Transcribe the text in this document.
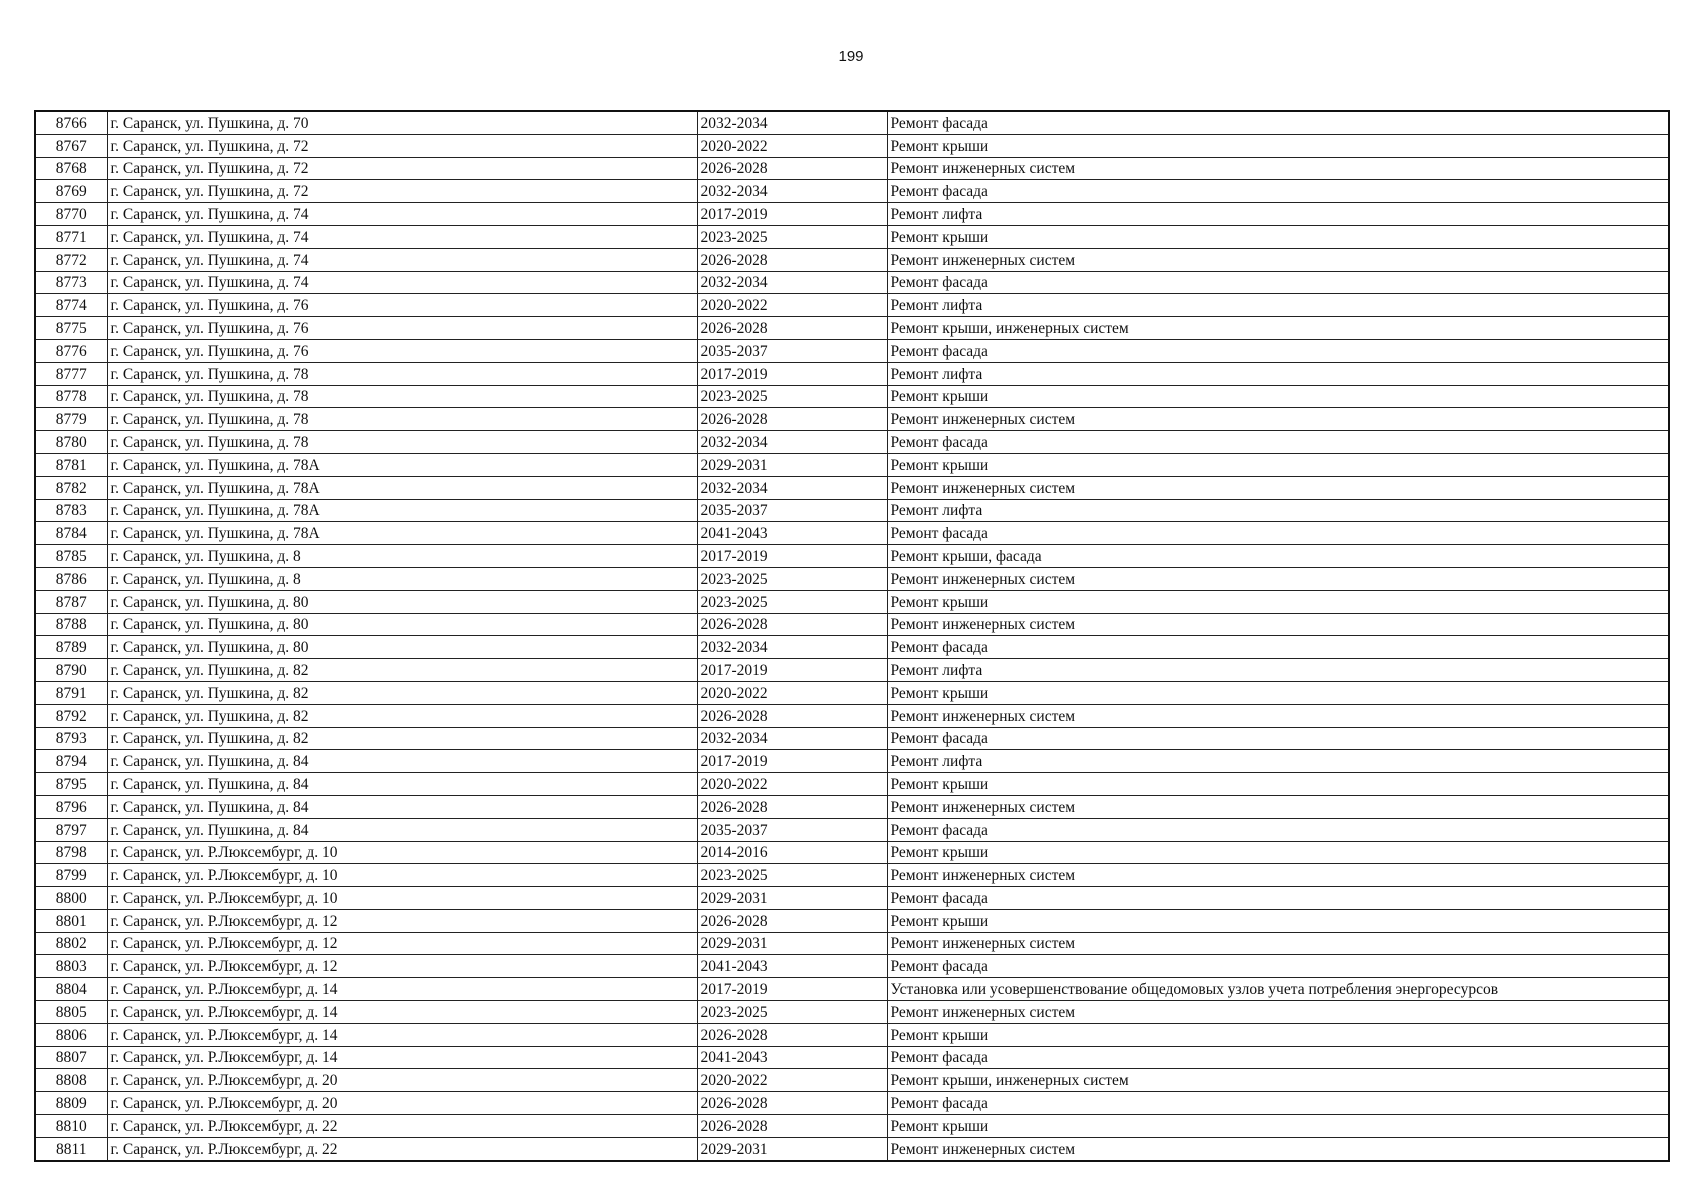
199
8766	г. Саранск, ул. Пушкина, д. 70	2032-2034	Ремонт фасада
8767	г. Саранск, ул. Пушкина, д. 72	2020-2022	Ремонт крыши
8768	г. Саранск, ул. Пушкина, д. 72	2026-2028	Ремонт инженерных систем
8769	г. Саранск, ул. Пушкина, д. 72	2032-2034	Ремонт фасада
8770	г. Саранск, ул. Пушкина, д. 74	2017-2019	Ремонт лифта
8771	г. Саранск, ул. Пушкина, д. 74	2023-2025	Ремонт крыши
8772	г. Саранск, ул. Пушкина, д. 74	2026-2028	Ремонт инженерных систем
8773	г. Саранск, ул. Пушкина, д. 74	2032-2034	Ремонт фасада
8774	г. Саранск, ул. Пушкина, д. 76	2020-2022	Ремонт лифта
8775	г. Саранск, ул. Пушкина, д. 76	2026-2028	Ремонт крыши, инженерных систем
8776	г. Саранск, ул. Пушкина, д. 76	2035-2037	Ремонт фасада
8777	г. Саранск, ул. Пушкина, д. 78	2017-2019	Ремонт лифта
8778	г. Саранск, ул. Пушкина, д. 78	2023-2025	Ремонт крыши
8779	г. Саранск, ул. Пушкина, д. 78	2026-2028	Ремонт инженерных систем
8780	г. Саранск, ул. Пушкина, д. 78	2032-2034	Ремонт фасада
8781	г. Саранск, ул. Пушкина, д. 78А	2029-2031	Ремонт крыши
8782	г. Саранск, ул. Пушкина, д. 78А	2032-2034	Ремонт инженерных систем
8783	г. Саранск, ул. Пушкина, д. 78А	2035-2037	Ремонт лифта
8784	г. Саранск, ул. Пушкина, д. 78А	2041-2043	Ремонт фасада
8785	г. Саранск, ул. Пушкина, д. 8	2017-2019	Ремонт крыши, фасада
8786	г. Саранск, ул. Пушкина, д. 8	2023-2025	Ремонт инженерных систем
8787	г. Саранск, ул. Пушкина, д. 80	2023-2025	Ремонт крыши
8788	г. Саранск, ул. Пушкина, д. 80	2026-2028	Ремонт инженерных систем
8789	г. Саранск, ул. Пушкина, д. 80	2032-2034	Ремонт фасада
8790	г. Саранск, ул. Пушкина, д. 82	2017-2019	Ремонт лифта
8791	г. Саранск, ул. Пушкина, д. 82	2020-2022	Ремонт крыши
8792	г. Саранск, ул. Пушкина, д. 82	2026-2028	Ремонт инженерных систем
8793	г. Саранск, ул. Пушкина, д. 82	2032-2034	Ремонт фасада
8794	г. Саранск, ул. Пушкина, д. 84	2017-2019	Ремонт лифта
8795	г. Саранск, ул. Пушкина, д. 84	2020-2022	Ремонт крыши
8796	г. Саранск, ул. Пушкина, д. 84	2026-2028	Ремонт инженерных систем
8797	г. Саранск, ул. Пушкина, д. 84	2035-2037	Ремонт фасада
8798	г. Саранск, ул. Р.Люксембург, д. 10	2014-2016	Ремонт крыши
8799	г. Саранск, ул. Р.Люксембург, д. 10	2023-2025	Ремонт инженерных систем
8800	г. Саранск, ул. Р.Люксембург, д. 10	2029-2031	Ремонт фасада
8801	г. Саранск, ул. Р.Люксембург, д. 12	2026-2028	Ремонт крыши
8802	г. Саранск, ул. Р.Люксембург, д. 12	2029-2031	Ремонт инженерных систем
8803	г. Саранск, ул. Р.Люксембург, д. 12	2041-2043	Ремонт фасада
8804	г. Саранск, ул. Р.Люксембург, д. 14	2017-2019	Установка или усовершенствование общедомовых узлов учета потребления энергоресурсов
8805	г. Саранск, ул. Р.Люксембург, д. 14	2023-2025	Ремонт инженерных систем
8806	г. Саранск, ул. Р.Люксембург, д. 14	2026-2028	Ремонт крыши
8807	г. Саранск, ул. Р.Люксембург, д. 14	2041-2043	Ремонт фасада
8808	г. Саранск, ул. Р.Люксембург, д. 20	2020-2022	Ремонт крыши, инженерных систем
8809	г. Саранск, ул. Р.Люксембург, д. 20	2026-2028	Ремонт фасада
8810	г. Саранск, ул. Р.Люксембург, д. 22	2026-2028	Ремонт крыши
8811	г. Саранск, ул. Р.Люксембург, д. 22	2029-2031	Ремонт инженерных систем
